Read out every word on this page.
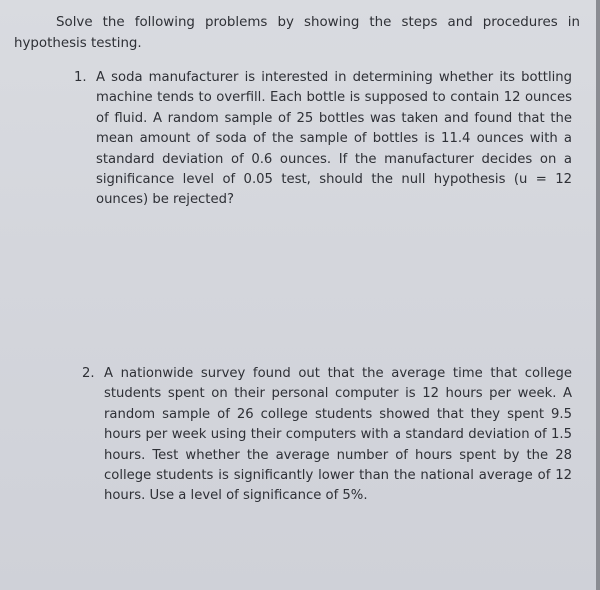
Solve the following problems by showing the steps and procedures in hypothesis testing.

1. A soda manufacturer is interested in determining whether its bottling machine tends to overfill. Each bottle is supposed to contain 12 ounces of fluid. A random sample of 25 bottles was taken and found that the mean amount of soda of the sample of bottles is 11.4 ounces with a standard deviation of 0.6 ounces. If the manufacturer decides on a significance level of 0.05 test, should the null hypothesis (u = 12 ounces) be rejected?
2. A nationwide survey found out that the average time that college students spent on their personal computer is 12 hours per week. A random sample of 26 college students showed that they spent 9.5 hours per week using their computers with a standard deviation of 1.5 hours. Test whether the average number of hours spent by the 28 college students is significantly lower than the national average of 12 hours. Use a level of significance of 5%.
